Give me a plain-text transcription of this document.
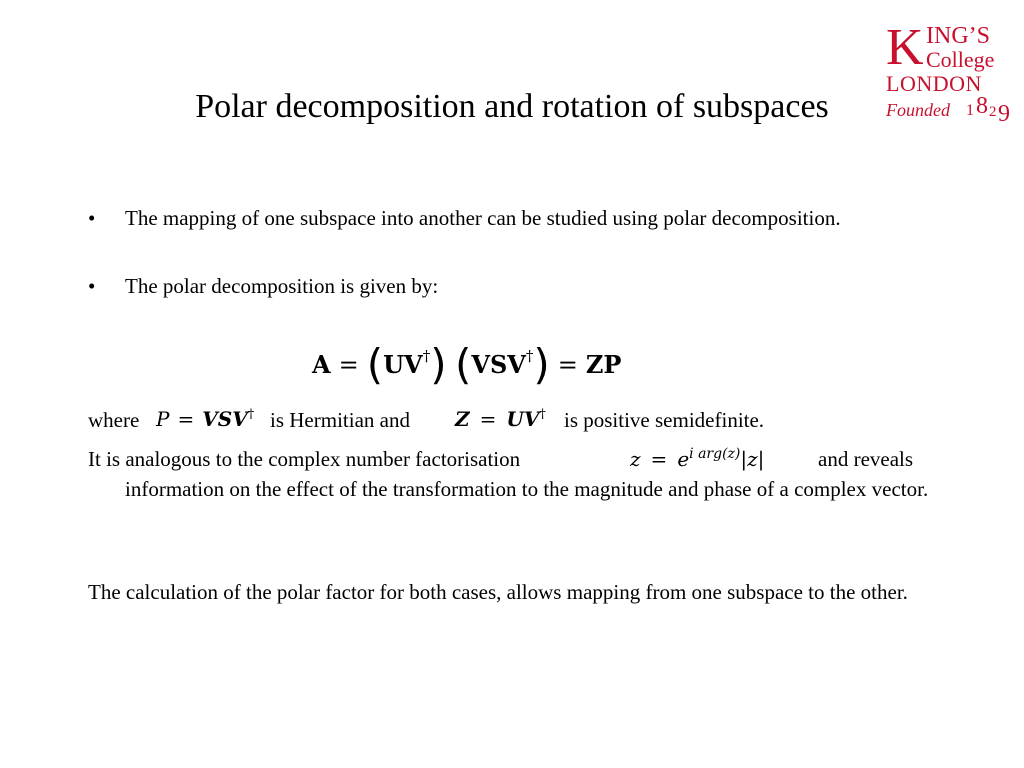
K ING’S
College
LONDON
Founded 1 8 2 9
Polar decomposition and rotation of subspaces
• The mapping of one subspace into another can be studied using polar decomposition.
• The polar decomposition is given by:
A = (UV†) (VSV†) = ZP
where P = VSV† is Hermitian and Z = UV† is positive semidefinite.
It is analogous to the complex number factorisation	$z = e^{i arg(z)}|z|$	and reveals
information on the effect of the transformation to the magnitude and phase of a complex vector.
The calculation of the polar factor for both cases, allows mapping from one subspace to the other.
